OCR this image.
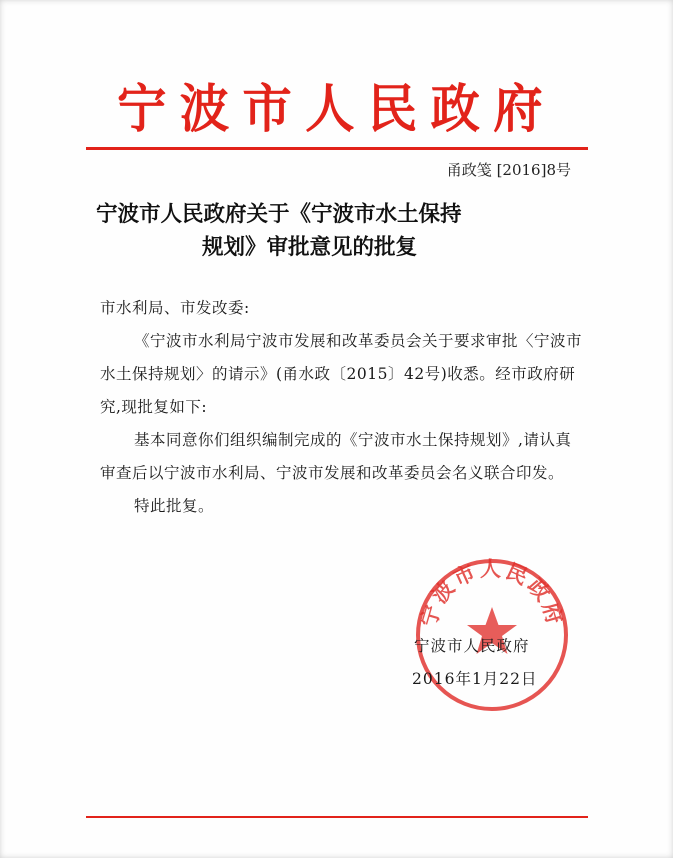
宁波市人民政府
甬政笺 [2016]8号
宁波市人民政府关于《宁波市水土保持
规划》审批意见的批复

市水利局、市发改委:

《宁波市水利局宁波市发展和改革委员会关于要求审批〈宁波市水土保持规划〉的请示》(甬水政〔2015〕42号)收悉。经市政府研究,现批复如下:

基本同意你们组织编制完成的《宁波市水土保持规划》,请认真审查后以宁波市水利局、宁波市发展和改革委员会名义联合印发。

特此批复。

宁波市人民政府
宁波市人民政府
2016年1月22日
